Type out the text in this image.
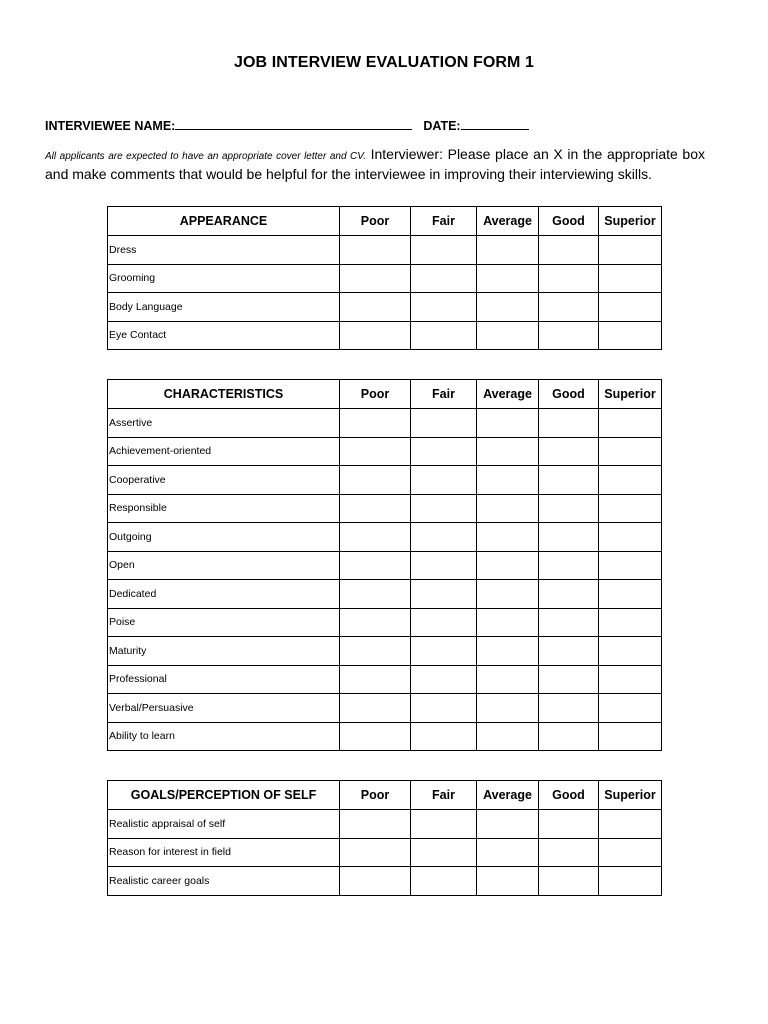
JOB INTERVIEW EVALUATION FORM 1
INTERVIEWEE NAME:	DATE:
All applicants are expected to have an appropriate cover letter and CV. Interviewer: Please place an X in the appropriate box and make comments that would be helpful for the interviewee in improving their interviewing skills.
APPEARANCE	Poor	Fair	Average	Good	Superior
Dress					
Grooming					
Body Language					
Eye Contact					
CHARACTERISTICS	Poor	Fair	Average	Good	Superior
Assertive					
Achievement-oriented					
Cooperative					
Responsible					
Outgoing					
Open					
Dedicated					
Poise					
Maturity					
Professional					
Verbal/Persuasive					
Ability to learn					
GOALS/PERCEPTION OF SELF	Poor	Fair	Average	Good	Superior
Realistic appraisal of self					
Reason for interest in field					
Realistic career goals					
